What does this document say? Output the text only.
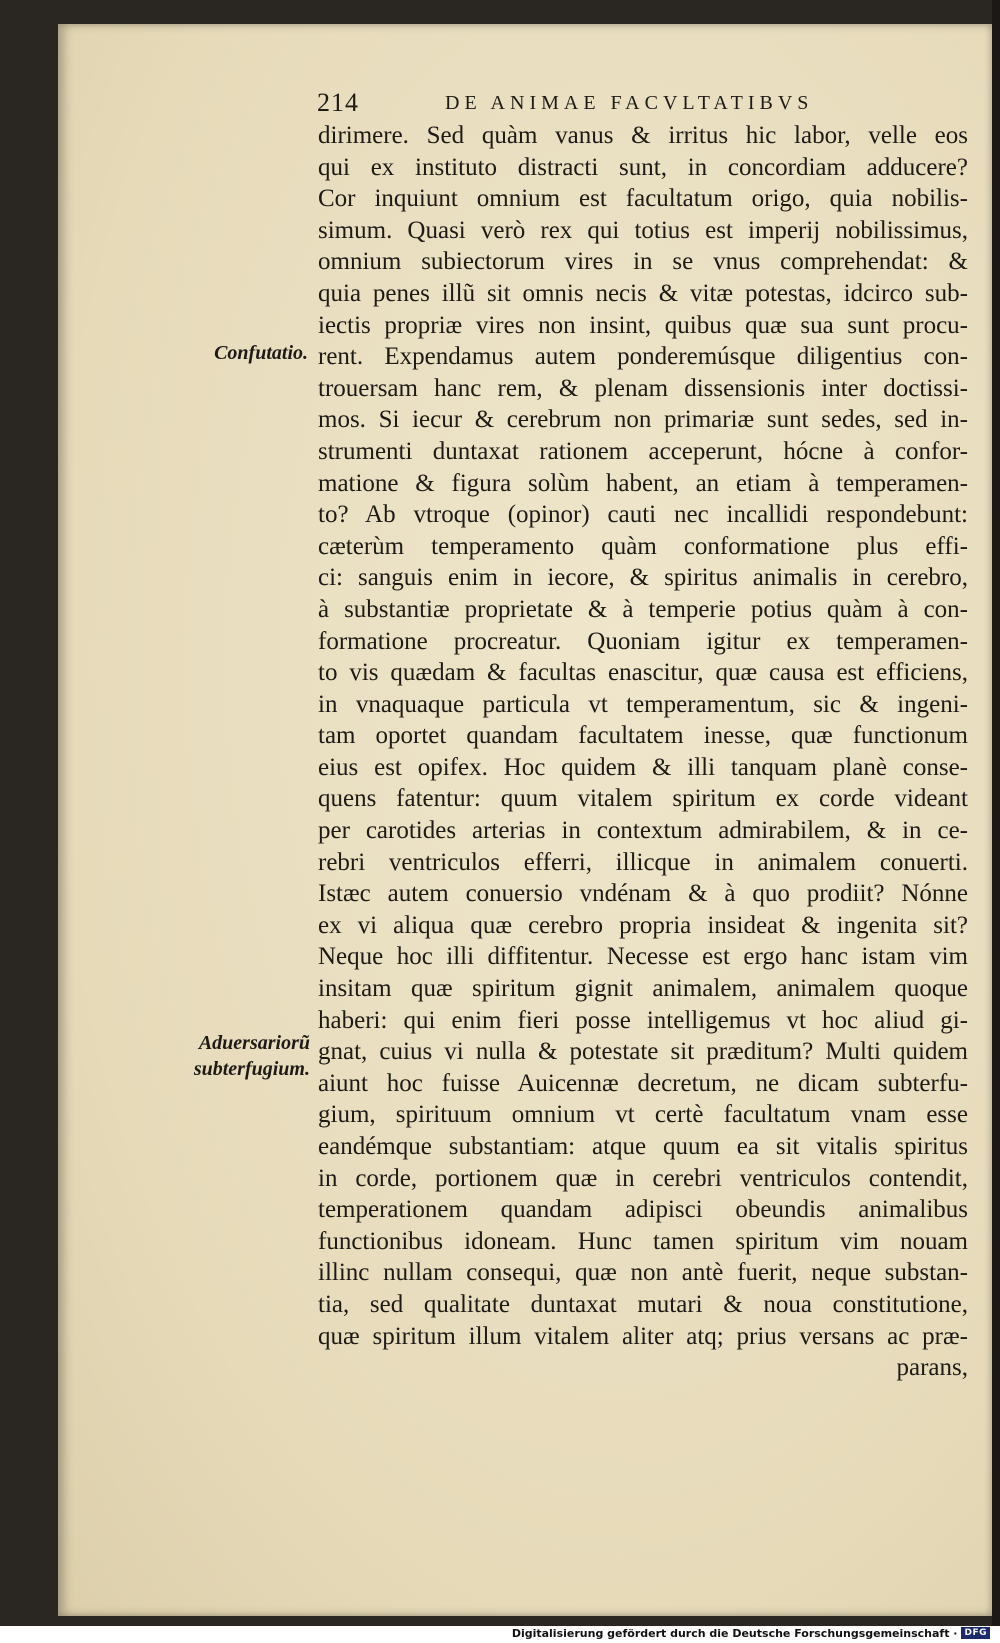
214	DE ANIMAE FACVLTATIBVS
Confutatio.
Aduersariorũ
subterfugium.
dirimere. Sed quàm vanus & irritus hic labor, velle eos
qui ex instituto distracti sunt, in concordiam adducere?
Cor inquiunt omnium est facultatum origo, quia nobilis-
simum. Quasi verò rex qui totius est imperij nobilissimus,
omnium subiectorum vires in se vnus comprehendat: &
quia penes illũ sit omnis necis & vitæ potestas, idcirco sub-
iectis propriæ vires non insint, quibus quæ sua sunt procu-
rent. Expendamus autem ponderemúsque diligentius con-
trouersam hanc rem, & plenam dissensionis inter doctissi-
mos. Si iecur & cerebrum non primariæ sunt sedes, sed in-
strumenti duntaxat rationem acceperunt, hócne à confor-
matione & figura solùm habent, an etiam à temperamen-
to? Ab vtroque (opinor) cauti nec incallidi respondebunt:
cæterùm temperamento quàm conformatione plus effi-
ci: sanguis enim in iecore, & spiritus animalis in cerebro,
à substantiæ proprietate & à temperie potius quàm à con-
formatione procreatur. Quoniam igitur ex temperamen-
to vis quædam & facultas enascitur, quæ causa est efficiens,
in vnaquaque particula vt temperamentum, sic & ingeni-
tam oportet quandam facultatem inesse, quæ functionum
eius est opifex. Hoc quidem & illi tanquam planè conse-
quens fatentur: quum vitalem spiritum ex corde videant
per carotides arterias in contextum admirabilem, & in ce-
rebri ventriculos efferri, illicque in animalem conuerti.
Istæc autem conuersio vndénam & à quo prodiit? Nónne
ex vi aliqua quæ cerebro propria insideat & ingenita sit?
Neque hoc illi diffitentur. Necesse est ergo hanc istam vim
insitam quæ spiritum gignit animalem, animalem quoque
haberi: qui enim fieri posse intelligemus vt hoc aliud gi-
gnat, cuius vi nulla & potestate sit præditum? Multi quidem
aiunt hoc fuisse Auicennæ decretum, ne dicam subterfu-
gium, spirituum omnium vt certè facultatum vnam esse
eandémque substantiam: atque quum ea sit vitalis spiritus
in corde, portionem quæ in cerebri ventriculos contendit,
temperationem quandam adipisci obeundis animalibus
functionibus idoneam. Hunc tamen spiritum vim nouam
illinc nullam consequi, quæ non antè fuerit, neque substan-
tia, sed qualitate duntaxat mutari & noua constitutione,
quæ spiritum illum vitalem aliter atq; prius versans ac præ-
parans,
Digitalisierung gefördert durch die Deutsche Forschungsgemeinschaft · DFG
